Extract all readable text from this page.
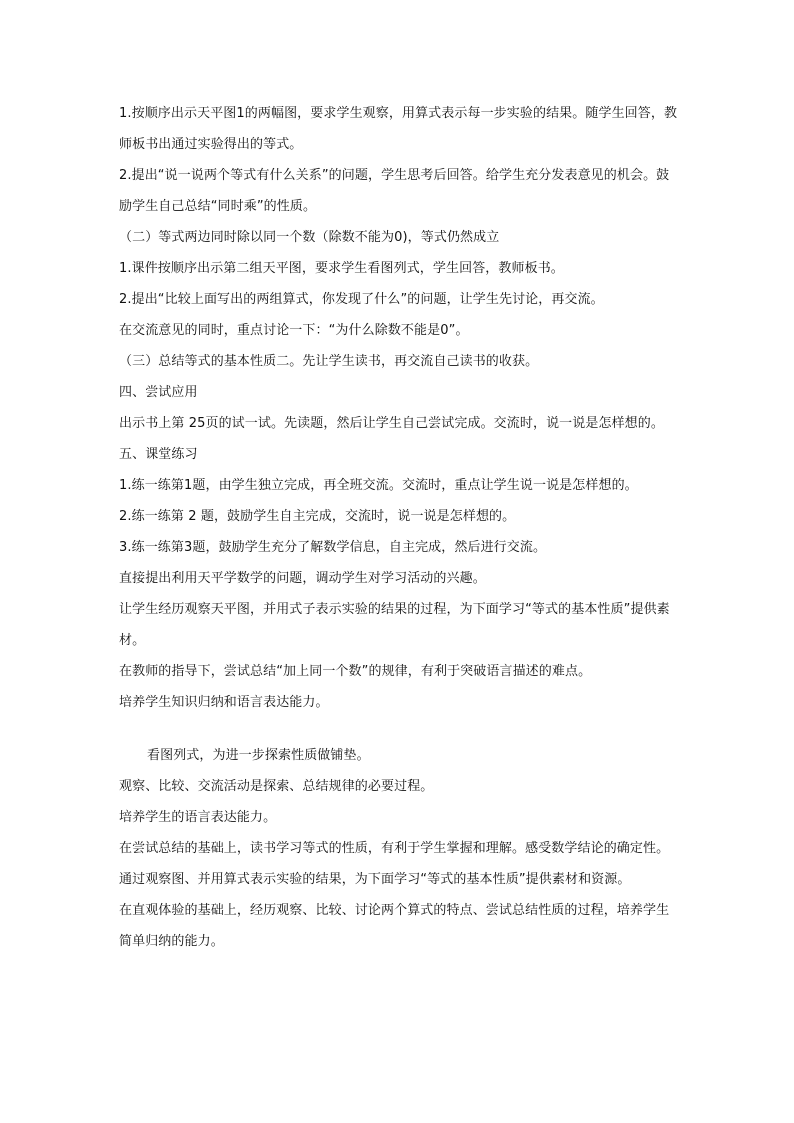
1.按顺序出示天平图1的两幅图，要求学生观察，用算式表示每一步实验的结果。随学生回答，教师板书出通过实验得出的等式。

2.提出“说一说两个等式有什么关系”的问题，学生思考后回答。给学生充分发表意见的机会。鼓励学生自己总结“同时乘”的性质。

（二）等式两边同时除以同一个数（除数不能为0)，等式仍然成立

1.课件按顺序出示第二组天平图，要求学生看图列式，学生回答，教师板书。

2.提出“比较上面写出的两组算式，你发现了什么”的问题，让学生先讨论，再交流。

在交流意见的同时，重点讨论一下：“为什么除数不能是0”。

（三）总结等式的基本性质二。先让学生读书，再交流自己读书的收获。

四、尝试应用

出示书上第 25页的试一试。先读题，然后让学生自己尝试完成。交流时，说一说是怎样想的。

五、课堂练习

1.练一练第1题，由学生独立完成，再全班交流。交流时，重点让学生说一说是怎样想的。

2.练一练第 2 题，鼓励学生自主完成，交流时，说一说是怎样想的。

3.练一练第3题，鼓励学生充分了解数学信息，自主完成，然后进行交流。

直接提出利用天平学数学的问题，调动学生对学习活动的兴趣。

让学生经历观察天平图，并用式子表示实验的结果的过程，为下面学习“等式的基本性质”提供素材。

在教师的指导下，尝试总结“加上同一个数”的规律，有利于突破语言描述的难点。

培养学生知识归纳和语言表达能力。

看图列式，为进一步探索性质做铺垫。

观察、比较、交流活动是探索、总结规律的必要过程。

培养学生的语言表达能力。

在尝试总结的基础上，读书学习等式的性质，有利于学生掌握和理解。感受数学结论的确定性。

通过观察图、并用算式表示实验的结果，为下面学习“等式的基本性质”提供素材和资源。

在直观体验的基础上，经历观察、比较、讨论两个算式的特点、尝试总结性质的过程，培养学生简单归纳的能力。
